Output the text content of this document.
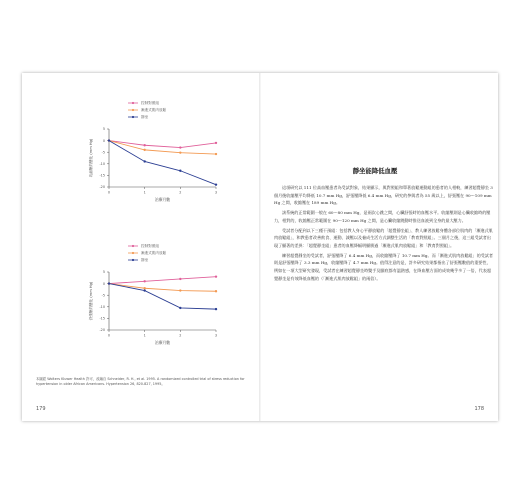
控制對照組
漸進式肌肉放鬆
靜坐
5
0
-5
-10
-15
-20
0	1	2	3
收縮壓的變化 (mm Hg)
治療月數
控制對照組
漸進式肌肉放鬆
靜坐
5
0
-5
-10
-15
-20
0	1	2	3
舒張壓的變化 (mm Hg)
治療月數
本圖經 Wolters Kluwer Health 許可，改編自 Schneider, R. H., et al. 1995. A randomized controlled trial of stress reduction for hypertension in older African Americans. Hypertension 26, 820-827, 1995。
靜坐能降低血壓

這項研究以 111 位高血壓患者為受試對象，結果顯示，與對照組和單著放鬆運動組的患者的人相較，練習超覺靜坐 3 個月後收縮壓平均降低 10.7 mm Hg，舒張壓降低 6.4 mm Hg，研究的參與者為 55 歲以上，舒張壓在 90～109 mm Hg 之間，收縮壓在 189 mm Hg。

該系統的正常範圍一般在 60～80 mm Hg，是兩次心跳之間，心臟舒張時的血壓水平。收縮壓則是心臟收縮時的壓力，相對的，收縮壓正常範圍在 90～120 mm Hg 之間，是心臟收縮跳動時推送血液到全身的最大壓力。

受試者分配到以下三種干預組：包括教人身心平靜放鬆的「超覺靜坐組」、教人練習放鬆身體各部位肌肉的「漸進式肌肉放鬆組」，和教患者改善飲食、運動、減壓以及養成生活方式調整生活的「教育對照組」。三個月之後，這三組受試者出現了顯著的差異：「超覺靜坐組」患者的血壓降幅明顯勝過「漸進式肌肉放鬆組」和「教育對照組」。

練習超覺靜坐的受試者，舒張壓降了 6.4 mm Hg，而收縮壓降了 10.7 mm Hg。而「漸進式肌肉放鬆組」的受試者則是舒張壓降了 3.3 mm Hg，收縮壓降了 4.7 mm Hg。值得注意的是，許多研究結果都指出了舒張壓數值的重要性，例如在一項大型研究發現，受試者在練習超覺靜坐時雙手及腳底都有溫熱感，在降血壓方面的成效幾乎多了一倍，代表超覺靜坐是有效降低血壓的（「漸進式肌肉放鬆組」的兩倍）。

179	178
